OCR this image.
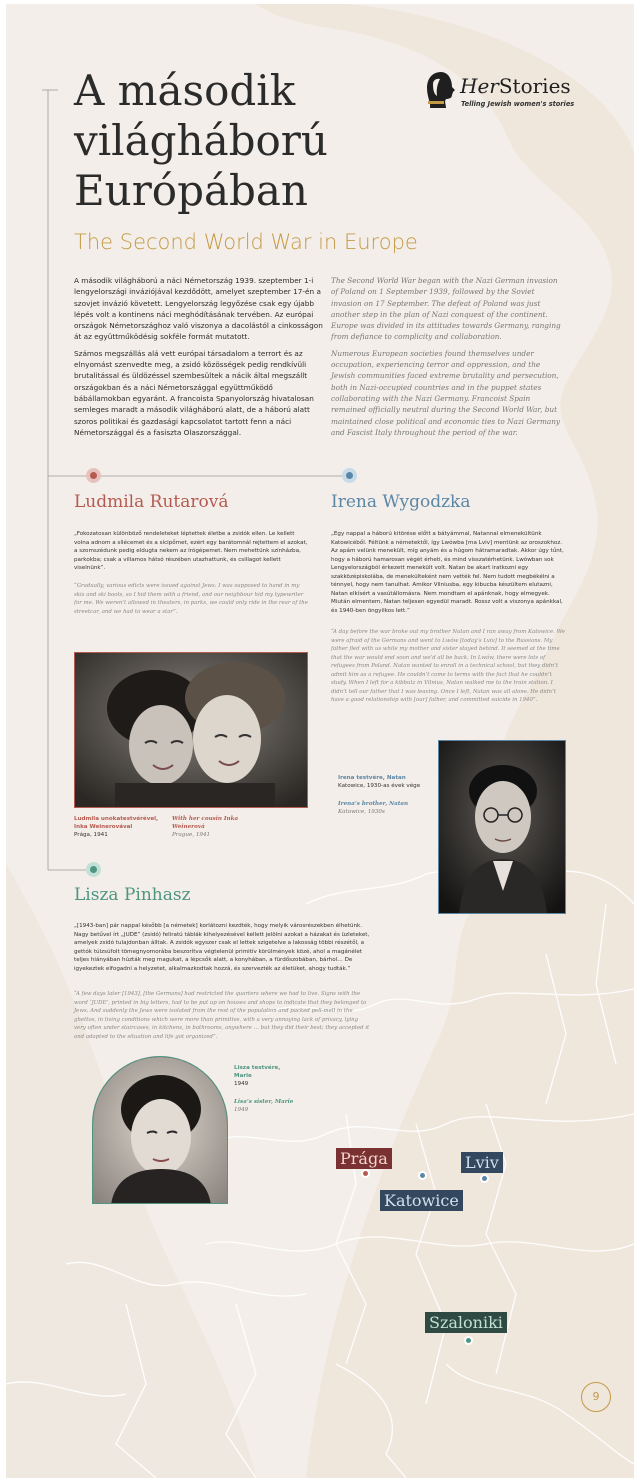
A második
világháború
Európában
The Second World War in Europe
HerStories
Telling Jewish women's stories

A második világháború a náci Németország 1939. szeptember 1-i lengyelországi inváziójával kezdődött, amelyet szeptember 17-én a szovjet invázió követett. Lengyelország legyőzése csak egy újabb lépés volt a kontinens náci meghódításának tervében. Az európai országok Németországhoz való viszonya a dacolástól a cinkosságon át az együttműködésig sokféle formát mutatott.

Számos megszállás alá vett európai társadalom a terrort és az elnyomást szenvedte meg, a zsidó közösségek pedig rendkívüli brutalitással és üldözéssel szembesültek a nácik által megszállt országokban és a náci Németországgal együttműködő bábállamokban egyaránt. A francoista Spanyolország hivatalosan semleges maradt a második világháború alatt, de a háború alatt szoros politikai és gazdasági kapcsolatot tartott fenn a náci Németországgal és a fasiszta Olaszországgal.

The Second World War began with the Nazi German invasion of Poland on 1 September 1939, followed by the Soviet invasion on 17 September. The defeat of Poland was just another step in the plan of Nazi conquest of the continent. Europe was divided in its attitudes towards Germany, ranging from defiance to complicity and collaboration.

Numerous European societies found themselves under occupation, experiencing terror and oppression, and the Jewish communities faced extreme brutality and persecution, both in Nazi-occupied countries and in the puppet states collaborating with the Nazi Germany. Francoist Spain remained officially neutral during the Second World War, but maintained close political and economic ties to Nazi Germany and Fascist Italy throughout the period of the war.

Ludmila Rutarová
„Fokozatosan különböző rendeleteket léptettek életbe a zsidók ellen. Le kellett volna adnom a sílécemet és a sícipőmet, ezért egy barátomnál rejtettem el azokat, a szomszédunk pedig eldugta nekem az írógépemet. Nem mehettünk színházba, parkokba; csak a villamos hátsó részében utazhattunk, és csillagot kellett viselnünk”.
“Gradually, various edicts were issued against Jews. I was supposed to hand in my skis and ski boots, so I hid them with a friend, and our neighbour hid my typewriter for me. We weren’t allowed in theaters, in parks, we could only ride in the rear of the streetcar, and we had to wear a star”.
Ludmila unokatestvérével, Inka Weinerovával
Prága, 1941
With her cousin Inka Weinerová
Prague, 1941
Irena Wygodzka
„Egy nappal a háború kitörése előtt a bátyámmal, Natannal elmenekültünk Katowicéből. Féltünk a németektől, így Lwówba [ma Lviv] mentünk az oroszokhoz. Az apám velünk menekült, míg anyám és a húgom hátramaradtak. Akkor úgy tűnt, hogy a háború hamarosan végét érheti, és mind visszatérhetünk. Lwówban sok Lengyelországból érkezett menekült volt. Natan be akart iratkozni egy szakközépiskolába, de menekülteként nem vették fel. Nem tudott megbékélni a ténnyel, hogy nem tanulhat. Amikor Vilniusba, egy kibucba készültem elutazni, Natan elkísért a vasútállomásra. Nem mondtam el apánknak, hogy elmegyek. Miután elmentem, Natan teljesen egyedül maradt. Rossz volt a viszonya apánkkal, és 1940-ben öngyilkos lett.”
“A day before the war broke out my brother Natan and I ran away from Katowice. We were afraid of the Germans and went to Lwów [today’s Lviv] to the Russians. My father fled with us while my mother and sister stayed behind. It seemed at the time that the war would end soon and we’d all be back. In Lwów, there were lots of refugees from Poland. Natan wanted to enroll in a technical school, but they didn’t admit him as a refugee. He couldn’t come to terms with the fact that he couldn’t study. When I left for a kibbutz in Vilnius, Natan walked me to the train station. I didn’t tell our father that I was leaving. Once I left, Natan was all alone. He didn’t have a good relationship with [our] father, and committed suicide in 1940”.
Irena testvére, Natan
Katowice, 1930-as évek vége
Irena’s brother, Natan
Katowice, 1930s
Lisza Pinhasz
„[1943-ban] pár nappal később [a németek] korlátozni kezdték, hogy melyik városrészekben élhetünk. Nagy betűvel írt „JUDE” (zsidó) feliratú táblák kihelyezésével kellett jelölni azokat a házakat és üzleteket, amelyek zsidó tulajdonban álltak. A zsidók egyszer csak el lettek szigetelve a lakosság többi részétől, a gettók túlzsúfolt tömegnyomorába beszorítva végtelenül primitív körülmények közé, ahol a magánélet teljes hiányában húzták meg magukat, a lépcsők alatt, a konyhában, a fürdőszobában, bárhol… De igyekeztek elfogadni a helyzetet, alkalmazkodtak hozzá, és szervezték az életüket, ahogy tudták.”
“A few days later [1943], [the Germans] had restricted the quarters where we had to live. Signs with the word ‘JUDE’, printed in big letters, had to be put up on houses and shops to indicate that they belonged to Jews. And suddenly the Jews were isolated from the rest of the population and packed pell-mell in the ghettos, in living conditions which were more than primitive, with a very annoying lack of privacy, lying very often under staircases, in kitchens, in bathrooms, anywhere … but they did their best; they accepted it and adapted to the situation and life got organized”.
Lisza testvére, Marie
1949
Lisa’s sister, Marie
1949
Prága	Lviv
Katowice
Szaloniki
9
